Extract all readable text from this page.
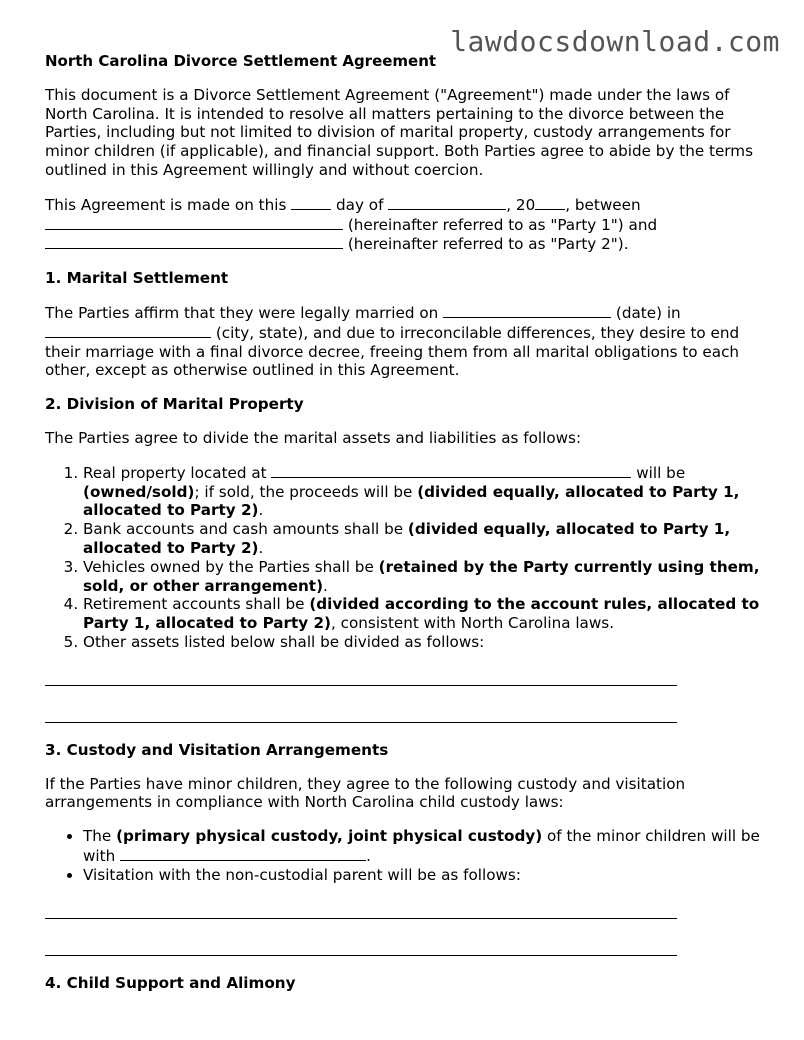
lawdocsdownload.com
North Carolina Divorce Settlement Agreement

This document is a Divorce Settlement Agreement ("Agreement") made under the laws of North Carolina. It is intended to resolve all matters pertaining to the divorce between the Parties, including but not limited to division of marital property, custody arrangements for minor children (if applicable), and financial support. Both Parties agree to abide by the terms outlined in this Agreement willingly and without coercion.

This Agreement is made on this	day of	, 20 , between
(hereinafter referred to as "Party 1") and
(hereinafter referred to as "Party 2").

1. Marital Settlement

The Parties affirm that they were legally married on	(date) in  (city, state), and due to irreconcilable differences, they desire to end their marriage with a final divorce decree, freeing them from all marital obligations to each other, except as otherwise outlined in this Agreement.

2. Division of Marital Property

The Parties agree to divide the marital assets and liabilities as follows:

1. Real property located at	will be (owned/sold); if sold, the proceeds will be (divided equally, allocated to Party 1, allocated to Party 2).
2. Bank accounts and cash amounts shall be (divided equally, allocated to Party 1, allocated to Party 2).
3. Vehicles owned by the Parties shall be (retained by the Party currently using them, sold, or other arrangement).
4. Retirement accounts shall be (divided according to the account rules, allocated to Party 1, allocated to Party 2), consistent with North Carolina laws.
5. Other assets listed below shall be divided as follows:
3. Custody and Visitation Arrangements

If the Parties have minor children, they agree to the following custody and visitation arrangements in compliance with North Carolina child custody laws:

• The (primary physical custody, joint physical custody) of the minor children will be with	.
• Visitation with the non-custodial parent will be as follows:
4. Child Support and Alimony
